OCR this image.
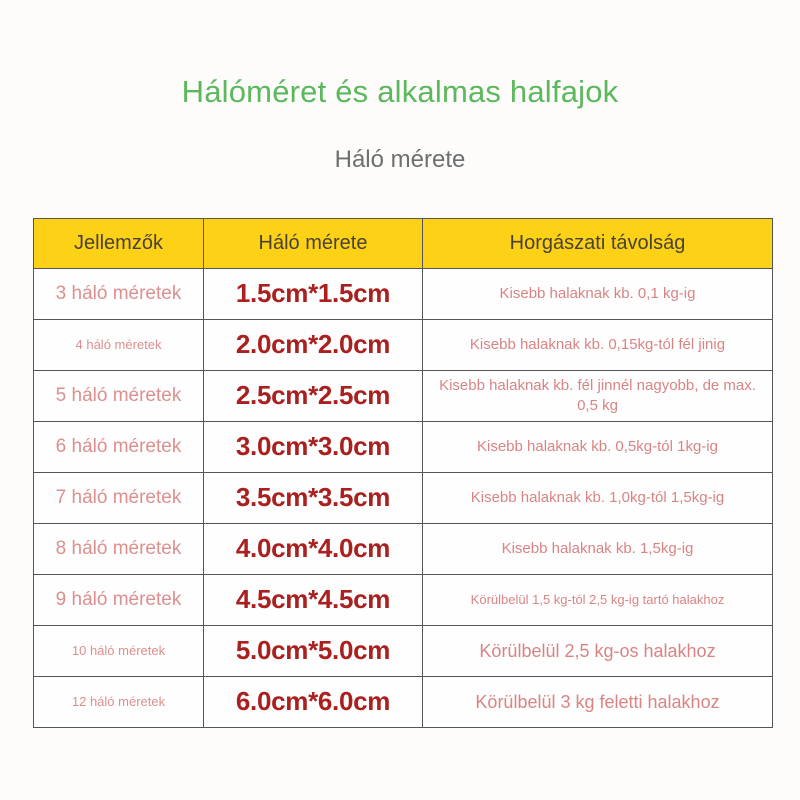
Hálóméret és alkalmas halfajok
Háló mérete
Jellemzők	Háló mérete	Horgászati távolság

3 háló méretek	1.5cm*1.5cm	Kisebb halaknak kb. 0,1 kg-ig

4 háló méretek	2.0cm*2.0cm	Kisebb halaknak kb. 0,15kg-tól fél jinig

5 háló méretek	2.5cm*2.5cm	Kisebb halaknak kb. fél jinnél nagyobb, de max. 0,5 kg

6 háló méretek	3.0cm*3.0cm	Kisebb halaknak kb. 0,5kg-tól 1kg-ig

7 háló méretek	3.5cm*3.5cm	Kisebb halaknak kb. 1,0kg-tól 1,5kg-ig

8 háló méretek	4.0cm*4.0cm	Kisebb halaknak kb. 1,5kg-ig

9 háló méretek	4.5cm*4.5cm	Körülbelül 1,5 kg-tól 2,5 kg-ig tartó halakhoz

10 háló méretek	5.0cm*5.0cm	Körülbelül 2,5 kg-os halakhoz

12 háló méretek	6.0cm*6.0cm	Körülbelül 3 kg feletti halakhoz
